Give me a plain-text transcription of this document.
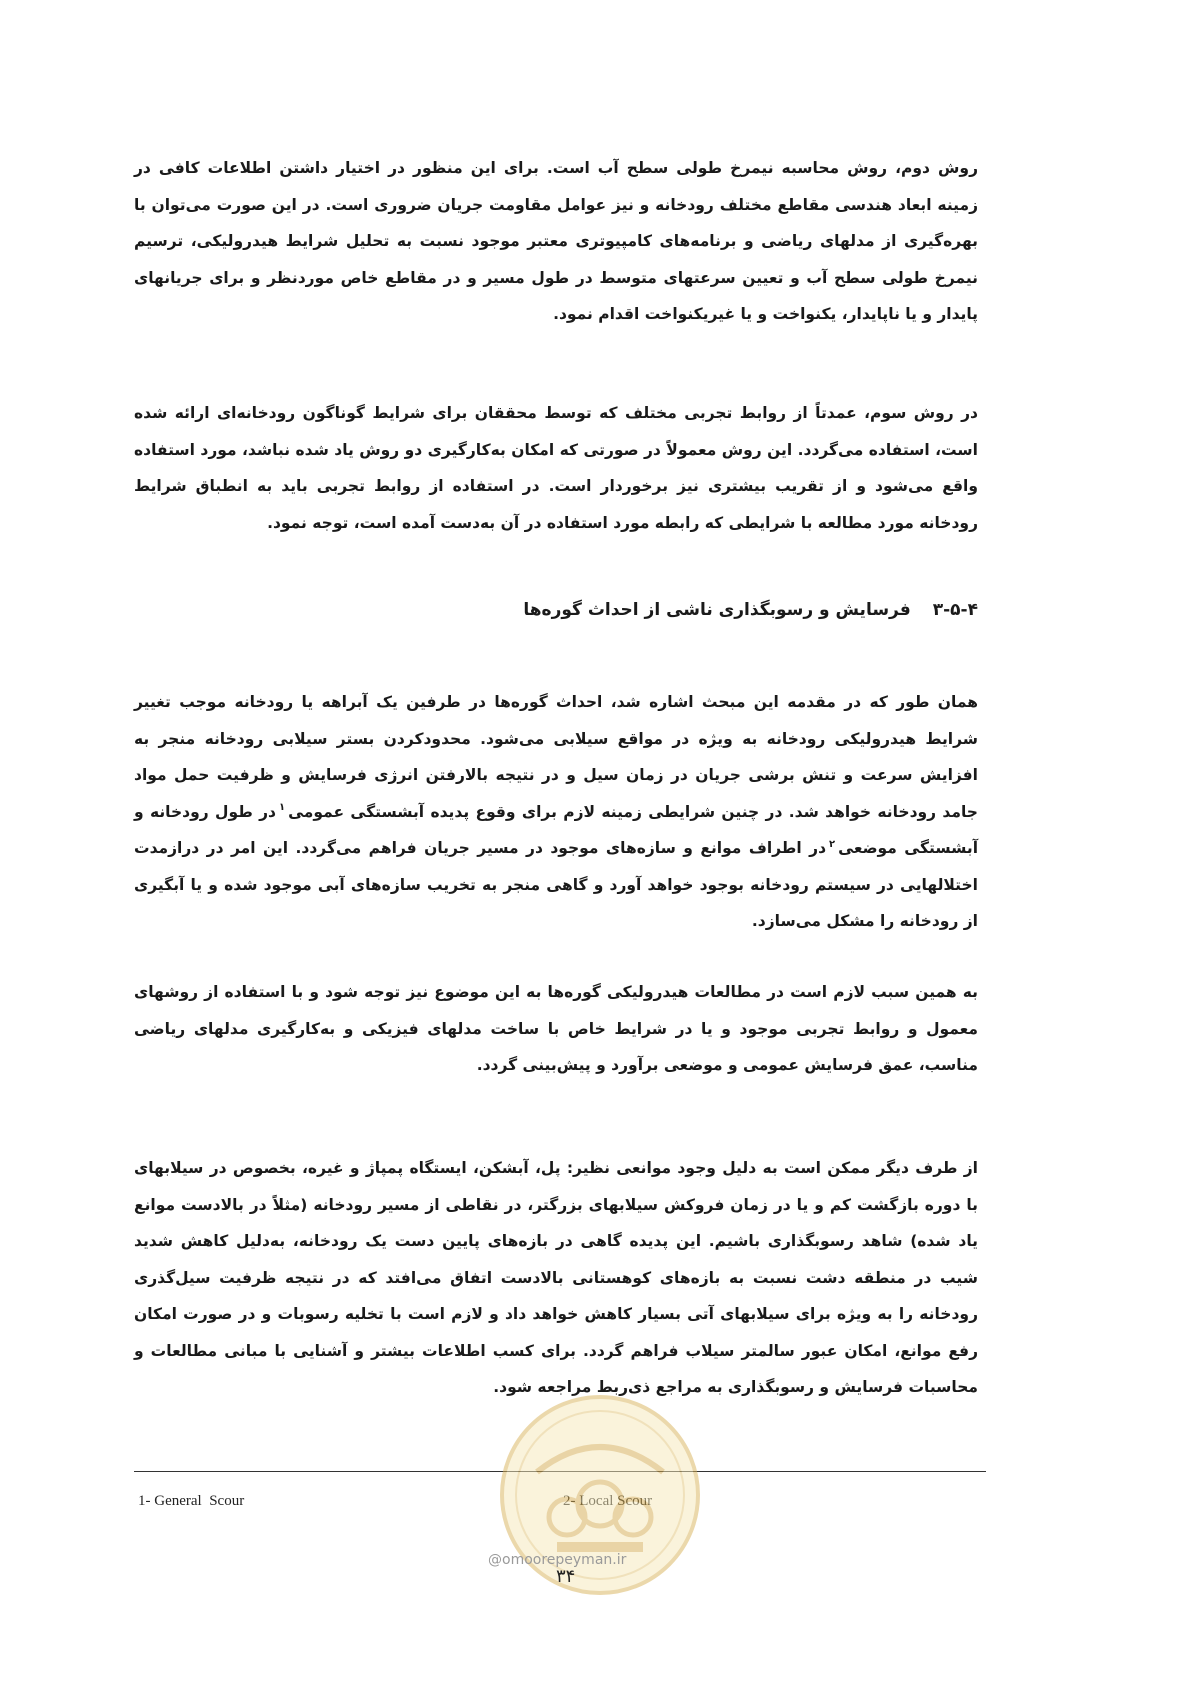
روش دوم، روش محاسبه نیمرخ طولی سطح آب است. برای این منظور در اختیار داشتن اطلاعات کافی در زمینه ابعاد هندسی مقاطع مختلف رودخانه و نیز عوامل مقاومت جریان ضروری است. در این صورت می‌توان با بهره‌گیری از مدلهای ریاضی و برنامه‌های کامپیوتری معتبر موجود نسبت به تحلیل شرایط هیدرولیکی، ترسیم نیمرخ طولی سطح آب و تعیین سرعتهای متوسط در طول مسیر و در مقاطع خاص موردنظر و برای جریانهای پایدار و یا ناپایدار، یکنواخت و یا غیریکنواخت اقدام نمود.

در روش سوم، عمدتاً از روابط تجربی مختلف که توسط محققان برای شرایط گوناگون رودخانه‌ای ارائه شده است، استفاده می‌گردد. این روش معمولاً در صورتی که امکان به‌کارگیری دو روش یاد شده نباشد، مورد استفاده واقع می‌شود و از تقریب بیشتری نیز برخوردار است. در استفاده از روابط تجربی باید به انطباق شرایط رودخانه مورد مطالعه با شرایطی که رابطه مورد استفاده در آن به‌دست آمده است، توجه نمود.

۳-۵-۴فرسایش و رسوبگذاری ناشی از احداث گوره‌ها

همان طور که در مقدمه این مبحث اشاره شد، احداث گوره‌ها در طرفین یک آبراهه یا رودخانه موجب تغییر شرایط هیدرولیکی رودخانه به ویژه در مواقع سیلابی می‌شود. محدودکردن بستر سیلابی رودخانه منجر به افزایش سرعت و تنش برشی جریان در زمان سیل و در نتیجه بالارفتن انرژی فرسایش و ظرفیت حمل مواد جامد رودخانه خواهد شد. در چنین شرایطی زمینه لازم برای وقوع پدیده آبشستگی عمومی$^۱$در طول رودخانه و آبشستگی موضعی$^۲$در اطراف موانع و سازه‌های موجود در مسیر جریان فراهم می‌گردد. این امر در درازمدت اختلالهایی در سیستم رودخانه بوجود خواهد آورد و گاهی منجر به تخریب سازه‌های آبی موجود شده و یا آبگیری از رودخانه را مشکل می‌سازد.

به همین سبب لازم است در مطالعات هیدرولیکی گوره‌ها به این موضوع نیز توجه شود و با استفاده از روشهای معمول و روابط تجربی موجود و یا در شرایط خاص با ساخت مدلهای فیزیکی و به‌کارگیری مدلهای ریاضی مناسب، عمق فرسایش عمومی و موضعی برآورد و پیش‌بینی گردد.

از طرف دیگر ممکن است به دلیل وجود موانعی نظیر: پل، آبشکن، ایستگاه پمپاژ و غیره، بخصوص در سیلابهای با دوره بازگشت کم و یا در زمان فروکش سیلابهای بزرگتر، در نقاطی از مسیر رودخانه (مثلاً در بالادست موانع یاد شده) شاهد رسوبگذاری باشیم. این پدیده گاهی در بازه‌های پایین دست یک رودخانه، به‌دلیل کاهش شدید شیب در منطقه دشت نسبت به بازه‌های کوهستانی بالادست اتفاق می‌افتد که در نتیجه ظرفیت سیل‌گذری رودخانه را به ویژه برای سیلابهای آتی بسیار کاهش خواهد داد و لازم است با تخلیه رسوبات و در صورت امکان رفع موانع، امکان عبور سالمتر سیلاب فراهم گردد. برای کسب اطلاعات بیشتر و آشنایی با مبانی مطالعات و محاسبات فرسایش و رسوبگذاری به مراجع ذی‌ربط مراجعه شود.

1- General  Scour
@omoorepeyman.ir
۳۴
